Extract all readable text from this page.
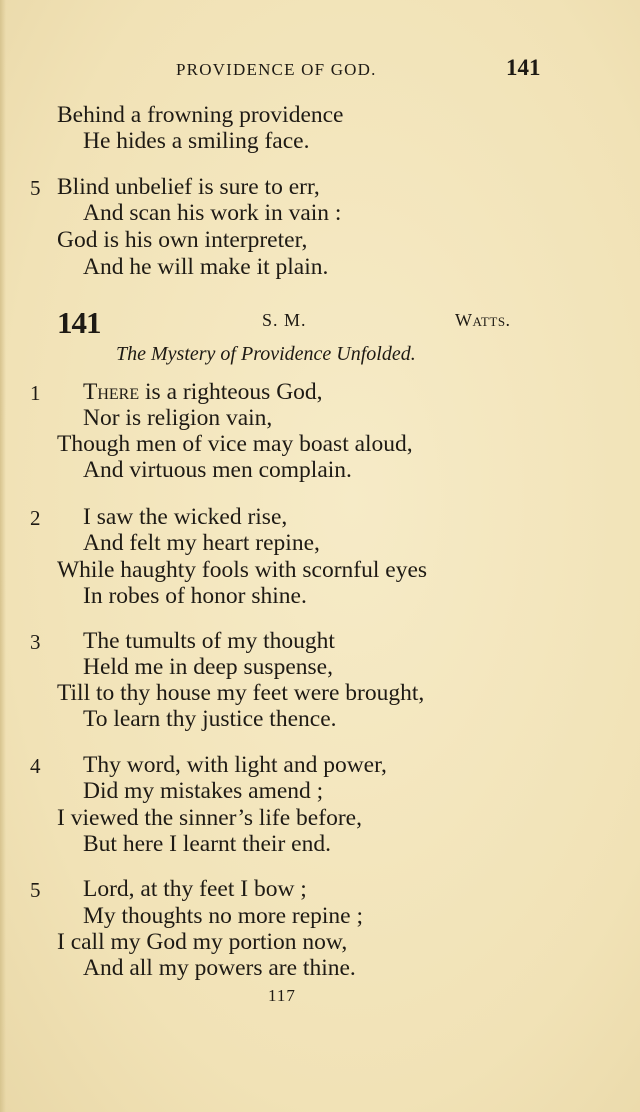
PROVIDENCE OF GOD.	141
Behind a frowning providence
He hides a smiling face.
5 Blind unbelief is sure to err,
And scan his work in vain :
God is his own interpreter,
And he will make it plain.
141	S. M.	Watts.
The Mystery of Providence Unfolded.
1 There is a righteous God,
Nor is religion vain,
Though men of vice may boast aloud,
And virtuous men complain.
2 I saw the wicked rise,
And felt my heart repine,
While haughty fools with scornful eyes
In robes of honor shine.
3 The tumults of my thought
Held me in deep suspense,
Till to thy house my feet were brought,
To learn thy justice thence.
4 Thy word, with light and power,
Did my mistakes amend ;
I viewed the sinner’s life before,
But here I learnt their end.
5 Lord, at thy feet I bow ;
My thoughts no more repine ;
I call my God my portion now,
And all my powers are thine.
117
